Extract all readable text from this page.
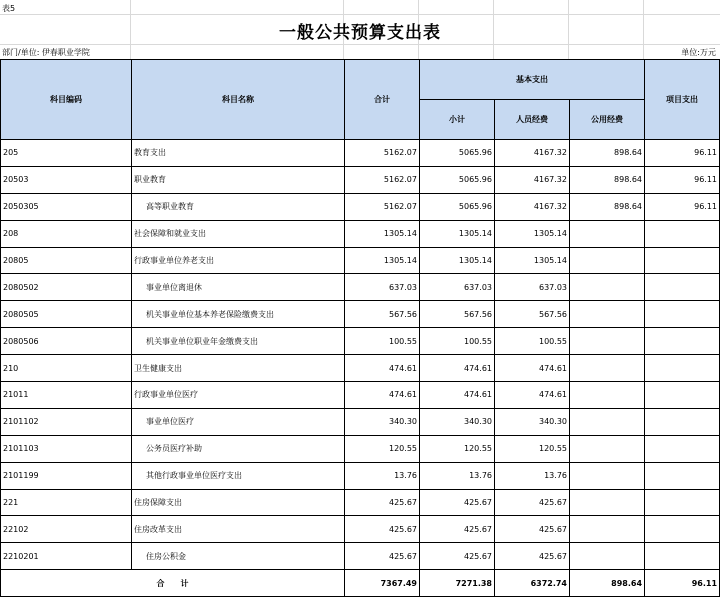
表5
一般公共预算支出表
部门/单位: 伊春职业学院	单位:万元
科目编码	科目名称	合计	基本支出			项目支出
			小计	人员经费	公用经费	
205	教育支出	5162.07	5065.96	4167.32	898.64	96.11
20503	职业教育	5162.07	5065.96	4167.32	898.64	96.11
2050305	高等职业教育	5162.07	5065.96	4167.32	898.64	96.11
208	社会保障和就业支出	1305.14	1305.14	1305.14		
20805	行政事业单位养老支出	1305.14	1305.14	1305.14		
2080502	事业单位离退休	637.03	637.03	637.03		
2080505	机关事业单位基本养老保险缴费支出	567.56	567.56	567.56		
2080506	机关事业单位职业年金缴费支出	100.55	100.55	100.55		
210	卫生健康支出	474.61	474.61	474.61		
21011	行政事业单位医疗	474.61	474.61	474.61		
2101102	事业单位医疗	340.30	340.30	340.30		
2101103	公务员医疗补助	120.55	120.55	120.55		
2101199	其他行政事业单位医疗支出	13.76	13.76	13.76		
221	住房保障支出	425.67	425.67	425.67		
22102	住房改革支出	425.67	425.67	425.67		
2210201	住房公积金	425.67	425.67	425.67		
合　　计		7367.49	7271.38	6372.74	898.64	96.11
